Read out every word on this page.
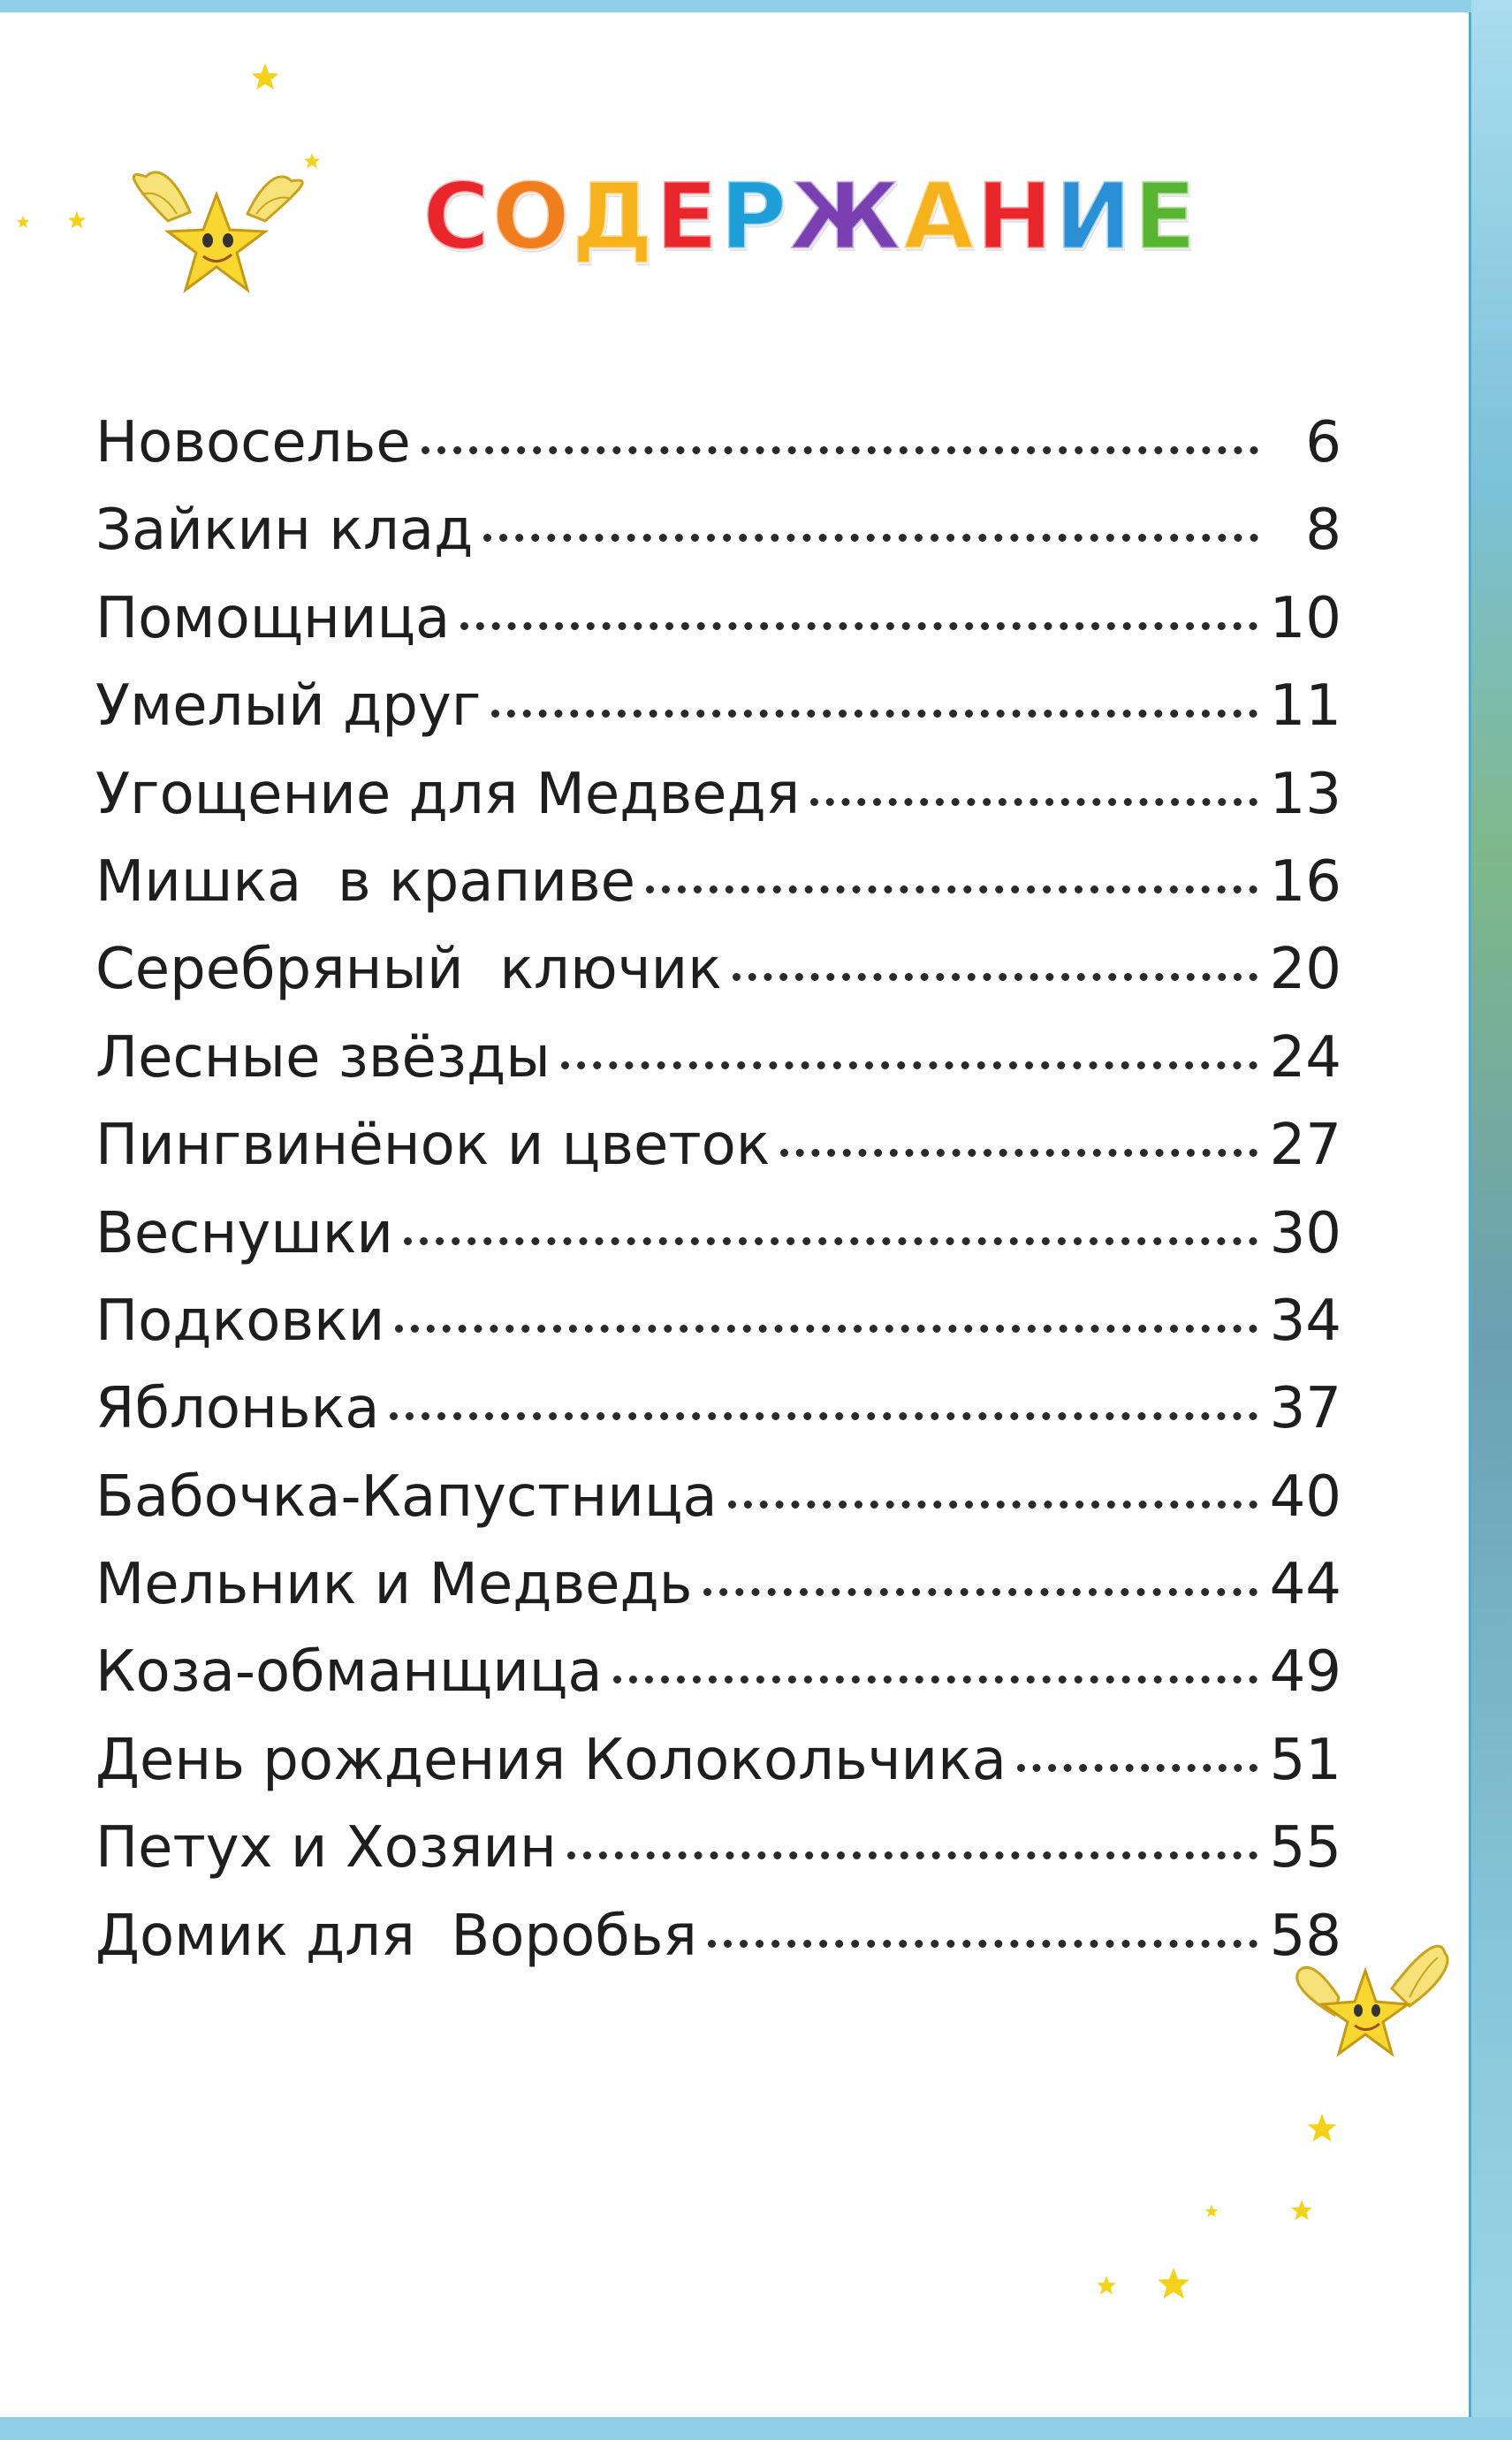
С О Д Е Р Ж А Н И Е
Новоселье	6
Зайкин клад	8
Помощница	10
Умелый друг	11
Угощение для Медведя	13
Мишка  в крапиве	16
Серебряный  ключик	20
Лесные звёзды	24
Пингвинёнок и цветок	27
Веснушки	30
Подковки	34
Яблонька	37
Бабочка-Капустница	40
Мельник и Медведь	44
Коза-обманщица	49
День рождения Колокольчика	51
Петух и Хозяин	55
Домик для  Воробья	58
